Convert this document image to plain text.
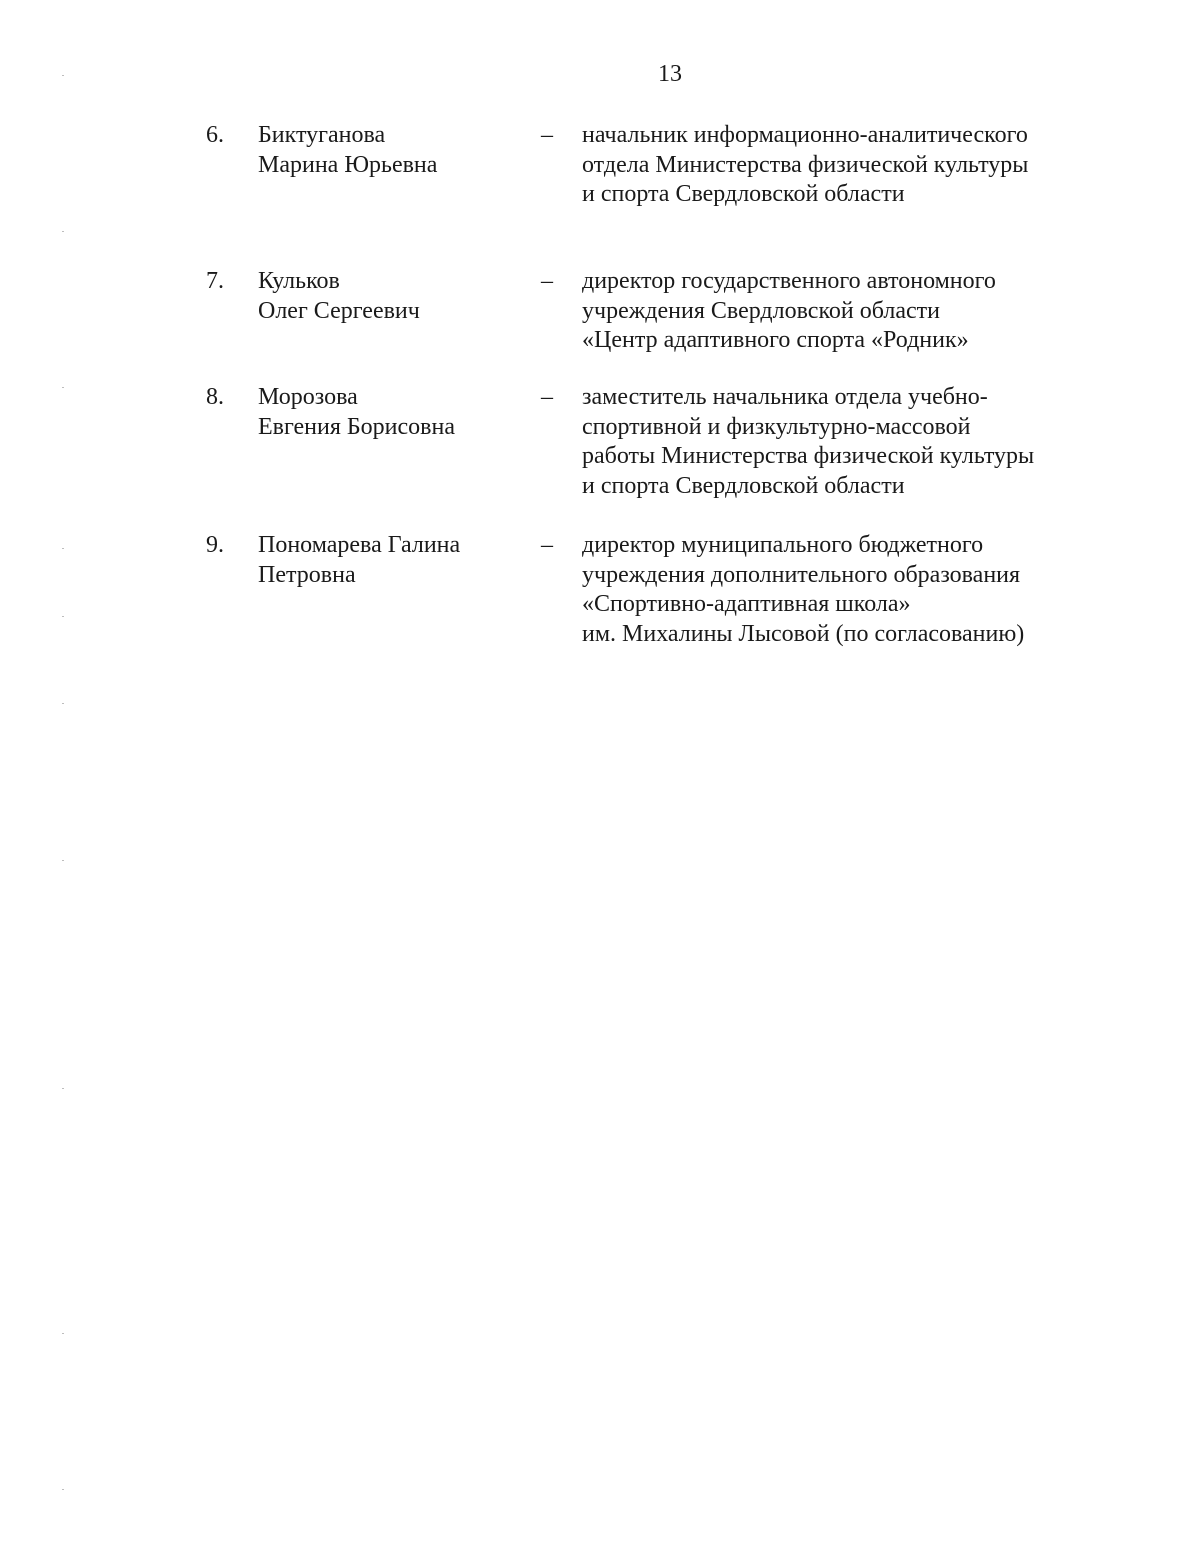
13
6. Биктуганова
Марина Юрьевна
– начальник информационно-аналитического
отдела Министерства физической культуры
и спорта Свердловской области
7. Кульков
Олег Сергеевич
– директор государственного автономного
учреждения Свердловской области
«Центр адаптивного спорта «Родник»
8. Морозова
Евгения Борисовна
– заместитель начальника отдела учебно-
спортивной и физкультурно-массовой
работы Министерства физической культуры
и спорта Свердловской области
9. Пономарева Галина
Петровна
– директор муниципального бюджетного
учреждения дополнительного образования
«Спортивно-адаптивная школа»
им. Михалины Лысовой (по согласованию)
